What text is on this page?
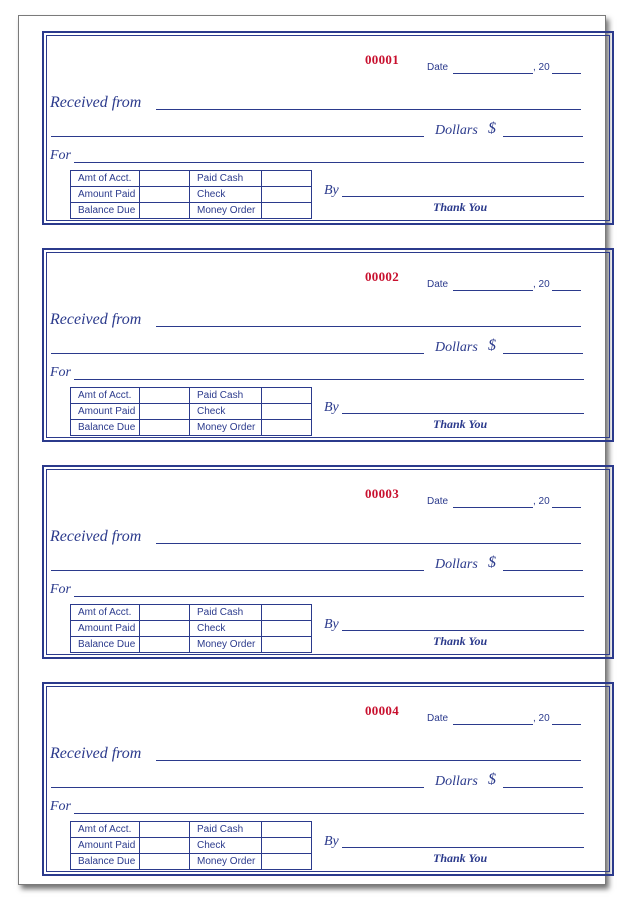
00001
Date	, 20
Received from
Dollars $
For
Amt of Acct.		Paid Cash	
Amount Paid		Check	
Balance Due		Money Order	
By
Thank You
00002
Date	, 20
Received from
Dollars $
For
Amt of Acct.		Paid Cash	
Amount Paid		Check	
Balance Due		Money Order	
By
Thank You
00003
Date	, 20
Received from
Dollars $
For
Amt of Acct.		Paid Cash	
Amount Paid		Check	
Balance Due		Money Order	
By
Thank You
00004
Date	, 20
Received from
Dollars $
For
Amt of Acct.		Paid Cash	
Amount Paid		Check	
Balance Due		Money Order	
By
Thank You
